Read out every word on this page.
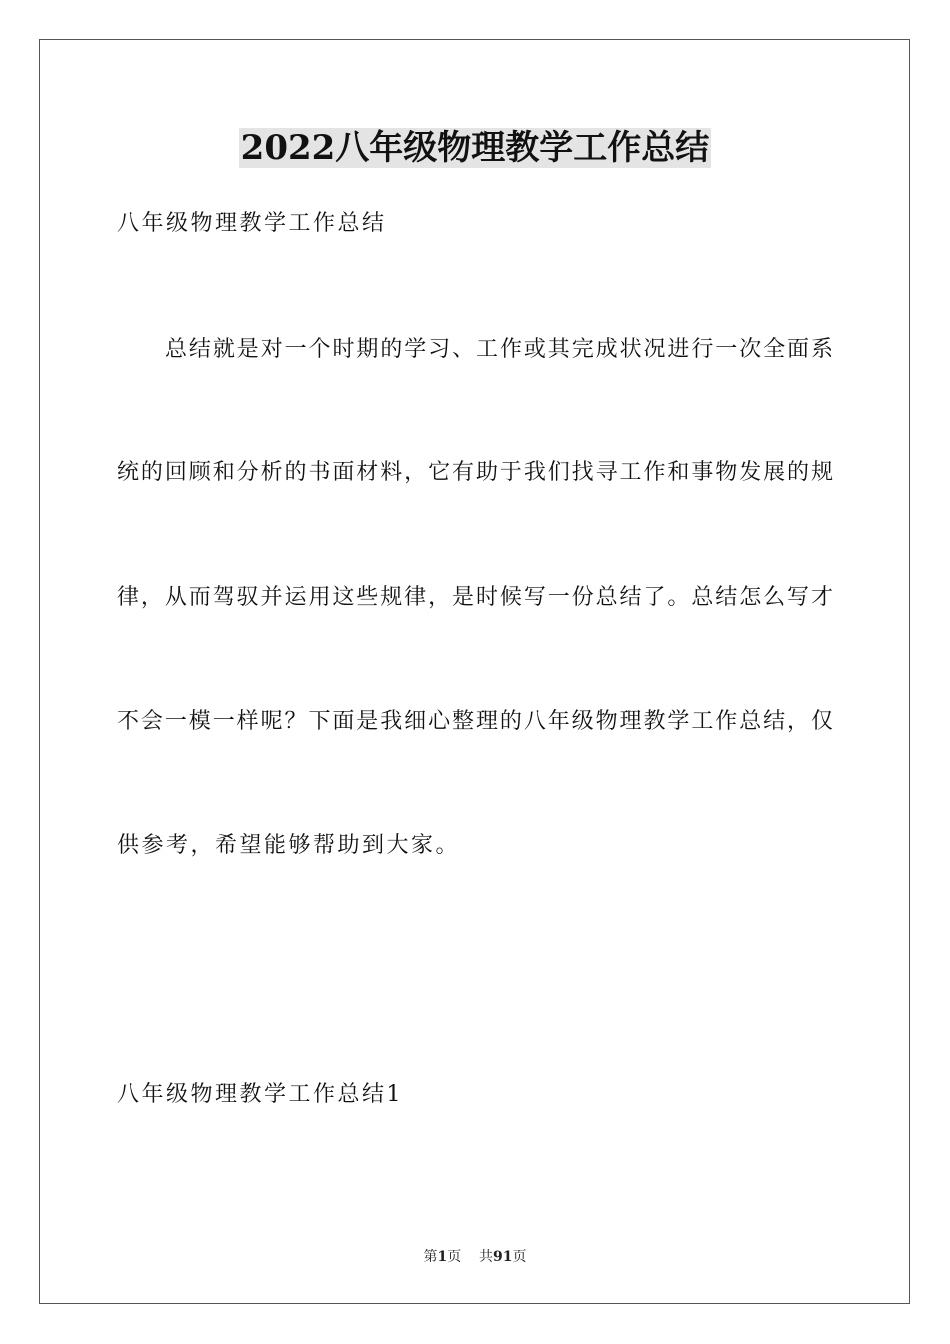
2022八年级物理教学工作总结
八年级物理教学工作总结
总结就是对一个时期的学习、工作或其完成状况进行一次全面系
统的回顾和分析的书面材料，它有助于我们找寻工作和事物发展的规
律，从而驾驭并运用这些规律，是时候写一份总结了。总结怎么写才
不会一模一样呢？下面是我细心整理的八年级物理教学工作总结，仅
供参考，希望能够帮助到大家。
八年级物理教学工作总结1
第1页 共91页
